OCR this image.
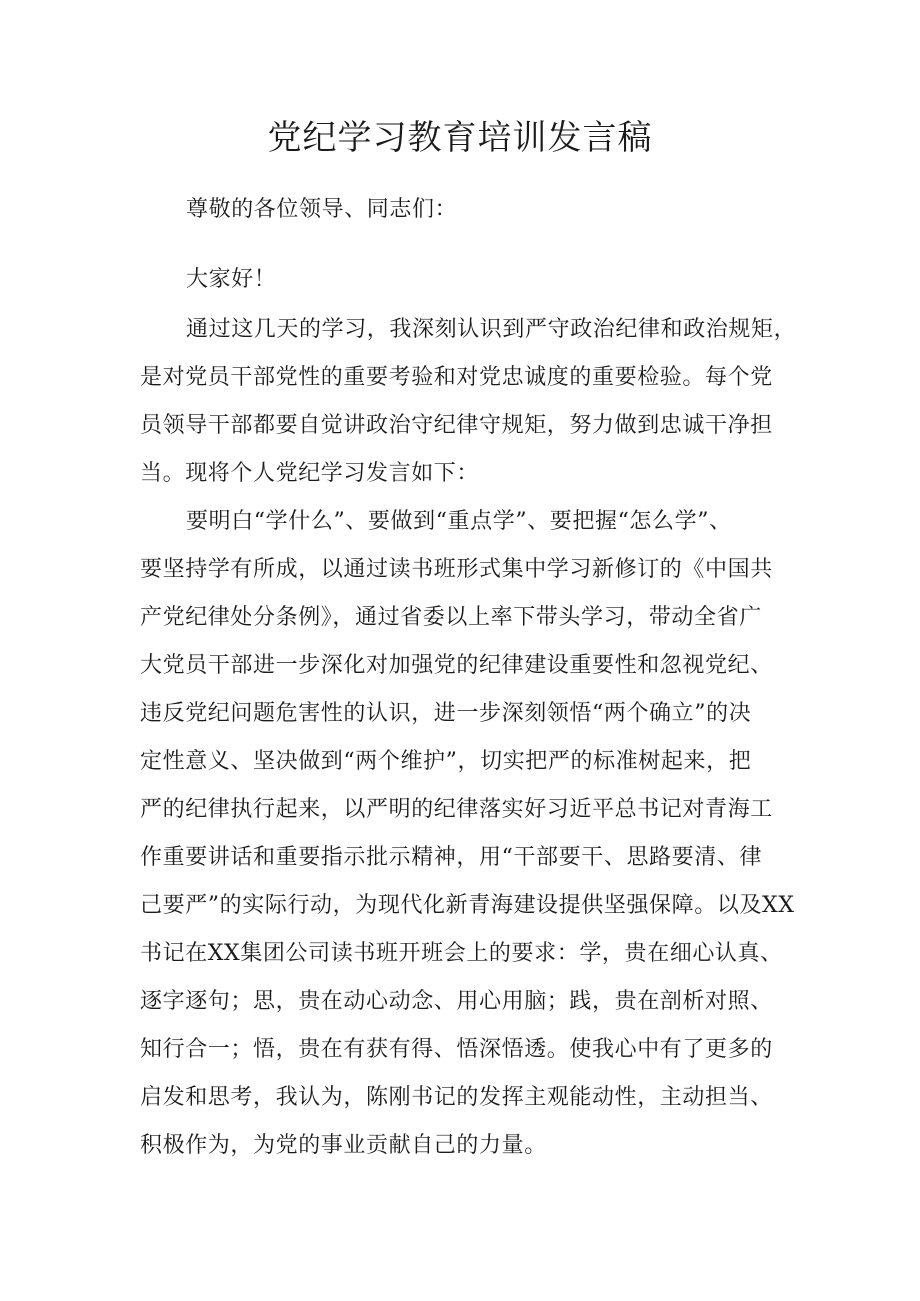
党纪学习教育培训发言稿
尊敬的各位领导、同志们：
大家好！
通过这几天的学习，我深刻认识到严守政治纪律和政治规矩，
是对党员干部党性的重要考验和对党忠诚度的重要检验。每个党
员领导干部都要自觉讲政治守纪律守规矩，努力做到忠诚干净担
当。现将个人党纪学习发言如下：
要明白“学什么”、要做到“重点学”、要把握“怎么学”、
要坚持学有所成，以通过读书班形式集中学习新修订的《中国共
产党纪律处分条例》，通过省委以上率下带头学习，带动全省广
大党员干部进一步深化对加强党的纪律建设重要性和忽视党纪、
违反党纪问题危害性的认识，进一步深刻领悟“两个确立”的决
定性意义、坚决做到“两个维护”，切实把严的标准树起来，把
严的纪律执行起来，以严明的纪律落实好习近平总书记对青海工
作重要讲话和重要指示批示精神，用“干部要干、思路要清、律
己要严”的实际行动，为现代化新青海建设提供坚强保障。以及XX
书记在XX集团公司读书班开班会上的要求：学，贵在细心认真、
逐字逐句；思，贵在动心动念、用心用脑；践，贵在剖析对照、
知行合一；悟，贵在有获有得、悟深悟透。使我心中有了更多的
启发和思考，我认为，陈刚书记的发挥主观能动性，主动担当、
积极作为，为党的事业贡献自己的力量。
